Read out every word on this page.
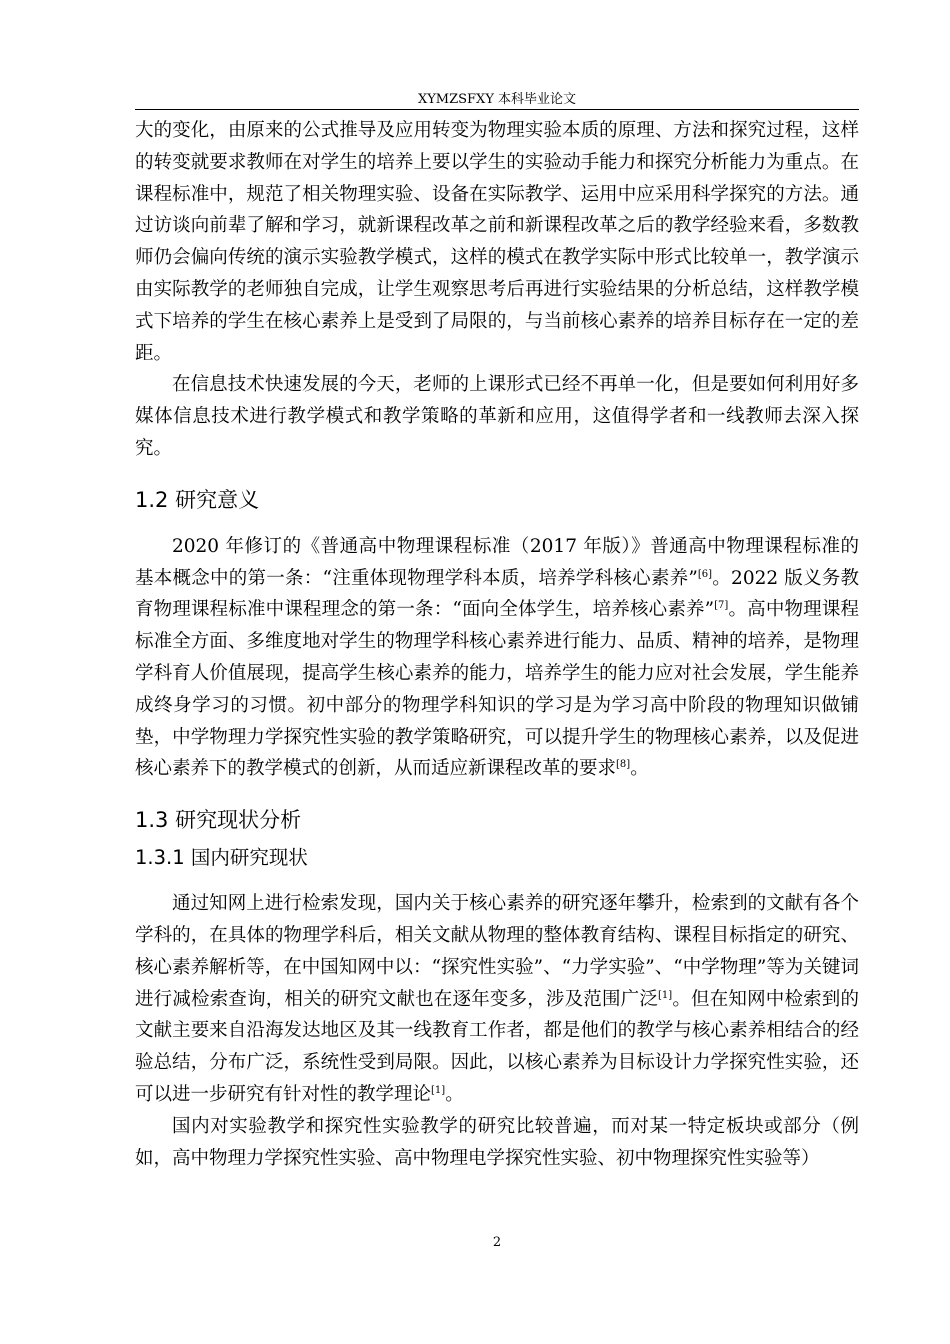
XYMZSFXY 本科毕业论文

大的变化，由原来的公式推导及应用转变为物理实验本质的原理、方法和探究过程，这样的转变就要求教师在对学生的培养上要以学生的实验动手能力和探究分析能力为重点。在课程标准中，规范了相关物理实验、设备在实际教学、运用中应采用科学探究的方法。通过访谈向前辈了解和学习，就新课程改革之前和新课程改革之后的教学经验来看，多数教师仍会偏向传统的演示实验教学模式，这样的模式在教学实际中形式比较单一，教学演示由实际教学的老师独自完成，让学生观察思考后再进行实验结果的分析总结，这样教学模式下培养的学生在核心素养上是受到了局限的，与当前核心素养的培养目标存在一定的差距。

在信息技术快速发展的今天，老师的上课形式已经不再单一化，但是要如何利用好多媒体信息技术进行教学模式和教学策略的革新和应用，这值得学者和一线教师去深入探究。

1.2 研究意义

2020 年修订的《普通高中物理课程标准（2017 年版）》普通高中物理课程标准的基本概念中的第一条：“注重体现物理学科本质，培养学科核心素养”[6]。2022 版义务教育物理课程标准中课程理念的第一条：“面向全体学生，培养核心素养”[7]。高中物理课程标准全方面、多维度地对学生的物理学科核心素养进行能力、品质、精神的培养，是物理学科育人价值展现，提高学生核心素养的能力，培养学生的能力应对社会发展，学生能养成终身学习的习惯。初中部分的物理学科知识的学习是为学习高中阶段的物理知识做铺垫，中学物理力学探究性实验的教学策略研究，可以提升学生的物理核心素养，以及促进核心素养下的教学模式的创新，从而适应新课程改革的要求[8]。

1.3 研究现状分析
1.3.1 国内研究现状

通过知网上进行检索发现，国内关于核心素养的研究逐年攀升，检索到的文献有各个学科的，在具体的物理学科后，相关文献从物理的整体教育结构、课程目标指定的研究、核心素养解析等，在中国知网中以：“探究性实验”、“力学实验”、“中学物理”等为关键词进行减检索查询，相关的研究文献也在逐年变多，涉及范围广泛[1]。但在知网中检索到的文献主要来自沿海发达地区及其一线教育工作者，都是他们的教学与核心素养相结合的经验总结，分布广泛，系统性受到局限。因此，以核心素养为目标设计力学探究性实验，还可以进一步研究有针对性的教学理论[1]。

国内对实验教学和探究性实验教学的研究比较普遍，而对某一特定板块或部分（例如，高中物理力学探究性实验、高中物理电学探究性实验、初中物理探究性实验等）

2
